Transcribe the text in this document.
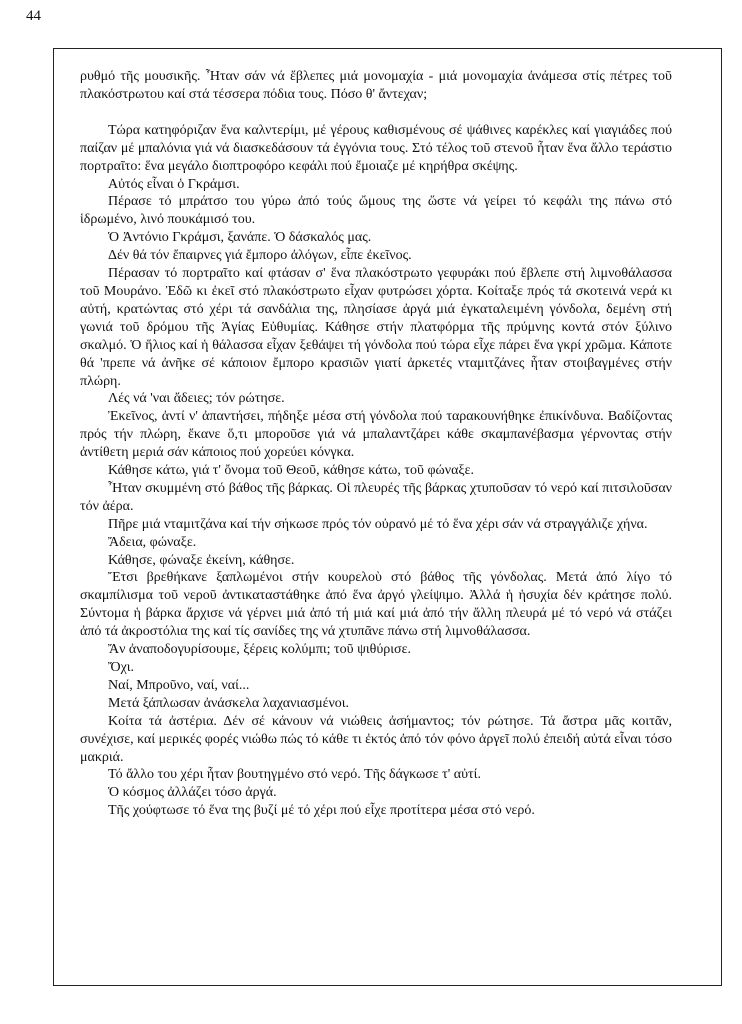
44

ρυθμό τῆς μουσικῆς. Ἦταν σάν νά ἔβλεπες μιά μονομαχία - μιά μονομαχία ἀνάμεσα στίς πέτρες τοῦ πλακόστρωτου καί στά τέσσερα πόδια τους. Πόσο θ' ἄντεχαν;

Τώρα κατηφόριζαν ἕνα καλντερίμι, μέ γέρους καθισμένους σέ ψάθινες καρέκλες καί γιαγιάδες πού παίζαν μέ μπαλόνια γιά νά διασκεδάσουν τά ἐγγόνια τους. Στό τέλος τοῦ στενοῦ ἦταν ἕνα ἄλλο τεράστιο πορτραῖτο: ἕνα μεγάλο διοπτροφόρο κεφάλι πού ἔμοιαζε μέ κηρήθρα σκέψης.

Αὐτός εἶναι ὁ Γκράμσι.

Πέρασε τό μπράτσο του γύρω ἀπό τούς ὤμους της ὥστε νά γείρει τό κεφάλι της πάνω στό ἱδρωμένο, λινό πουκάμισό του.

Ὁ Ἀντόνιο Γκράμσι, ξανάπε. Ὁ δάσκαλός μας.

Δέν θά τόν ἔπαιρνες γιά ἔμπορο ἀλόγων, εἶπε ἐκεῖνος.

Πέρασαν τό πορτραῖτο καί φτάσαν σ' ἕνα πλακόστρωτο γεφυράκι πού ἔβλεπε στή λιμνοθάλασσα τοῦ Μουράνο. Ἐδῶ κι ἐκεῖ στό πλακόστρωτο εἶχαν φυτρώσει χόρτα. Κοίταξε πρός τά σκοτεινά νερά κι αὐτή, κρατώντας στό χέρι τά σανδάλια της, πλησίασε ἀργά μιά ἐγκαταλειμένη γόνδολα, δεμένη στή γωνιά τοῦ δρόμου τῆς Ἁγίας Εὐθυμίας. Κάθησε στήν πλατφόρμα τῆς πρύμνης κοντά στόν ξύλινο σκαλμό. Ὁ ἥλιος καί ἡ θάλασσα εἶχαν ξεθάψει τή γόνδολα πού τώρα εἶχε πάρει ἕνα γκρί χρῶμα. Κάποτε θά 'πρεπε νά ἀνῆκε σέ κάποιον ἔμπορο κρασιῶν γιατί ἀρκετές νταμιτζάνες ἦταν στοιβαγμένες στήν πλώρη.

Λές νά 'ναι ἄδειες; τόν ρώτησε.

Ἐκεῖνος, ἀντί ν' ἀπαντήσει, πήδηξε μέσα στή γόνδολα πού ταρακουνήθηκε ἐπικίνδυνα. Βαδίζοντας πρός τήν πλώρη, ἔκανε ὅ,τι μποροῦσε γιά νά μπαλαντζάρει κάθε σκαμπανέβασμα γέρνοντας στήν ἀντίθετη μεριά σάν κάποιος πού χορεύει κόνγκα.

Κάθησε κάτω, γιά τ' ὄνομα τοῦ Θεοῦ, κάθησε κάτω, τοῦ φώναξε.

Ἦταν σκυμμένη στό βάθος τῆς βάρκας. Οἱ πλευρές τῆς βάρκας χτυποῦσαν τό νερό καί πιτσιλοῦσαν τόν ἀέρα.

Πῆρε μιά νταμιτζάνα καί τήν σήκωσε πρός τόν οὐρανό μέ τό ἕνα χέρι σάν νά στραγγάλιζε χήνα.

Ἄδεια, φώναξε.

Κάθησε, φώναξε ἐκείνη, κάθησε.

Ἔτσι βρεθήκανε ξαπλωμένοι στήν κουρελοὺ στό βάθος τῆς γόνδολας. Μετά ἀπό λίγο τό σκαμπίλισμα τοῦ νεροῦ ἀντικαταστάθηκε ἀπό ἕνα ἀργό γλείψιμο. Ἀλλά ἡ ἡσυχία δέν κράτησε πολύ. Σύντομα ἡ βάρκα ἄρχισε νά γέρνει μιά ἀπό τή μιά καί μιά ἀπό τήν ἄλλη πλευρά μέ τό νερό νά στάζει ἀπό τά ἀκροστόλια της καί τίς σανίδες της νά χτυπᾶνε πάνω στή λιμνοθάλασσα.

Ἄν ἀναποδογυρίσουμε, ξέρεις κολύμπι; τοῦ ψιθύρισε.

Ὄχι.

Ναί, Μπροῦνο, ναί, ναί...

Μετά ξάπλωσαν ἀνάσκελα λαχανιασμένοι.

Κοίτα τά ἀστέρια. Δέν σέ κάνουν νά νιώθεις ἀσήμαντος; τόν ρώτησε. Τά ἄστρα μᾶς κοιτᾶν, συνέχισε, καί μερικές φορές νιώθω πώς τό κάθε τι ἐκτός ἀπό τόν φόνο ἀργεῖ πολύ ἐπειδή αὐτά εἶναι τόσο μακριά.

Τό ἄλλο του χέρι ἦταν βουτηγμένο στό νερό. Τῆς δάγκωσε τ' αὐτί.

Ὁ κόσμος ἀλλάζει τόσο ἀργά.

Τῆς χούφτωσε τό ἕνα της βυζί μέ τό χέρι πού εἶχε προτίτερα μέσα στό νερό.
